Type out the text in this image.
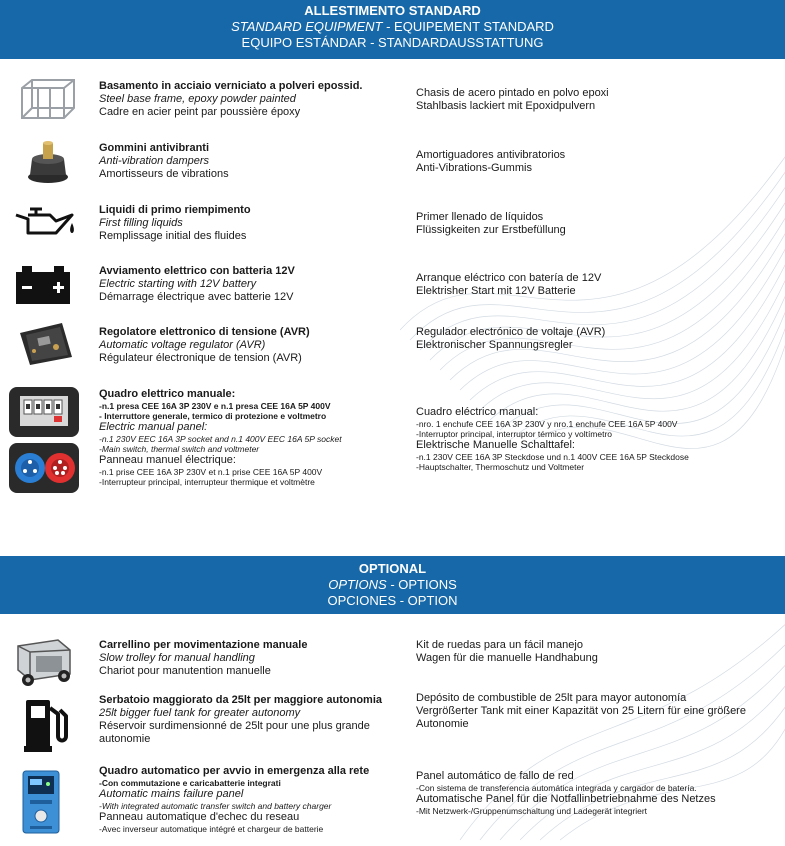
ALLESTIMENTO STANDARD
STANDARD EQUIPMENT - EQUIPEMENT STANDARD
EQUIPO ESTÁNDAR - STANDARDAUSSTATTUNG
Basamento in acciaio verniciato a polveri epossid.
Steel base frame, epoxy powder painted
Cadre en acier peint par poussière époxy
Chasis de acero pintado en polvo epoxi
Stahlbasis lackiert mit Epoxidpulvern
Gommini antivibranti
Anti-vibration dampers
Amortisseurs de vibrations
Amortiguadores antivibratorios
Anti-Vibrations-Gummis
Liquidi di primo riempimento
First filling liquids
Remplissage initial des fluides
Primer llenado de líquidos
Flüssigkeiten zur Erstbefüllung
Avviamento elettrico con batteria 12V
Electric starting with 12V battery
Démarrage électrique avec batterie 12V
Arranque eléctrico con batería de 12V
Elektrisher Start mit 12V Batterie
Regolatore elettronico di tensione (AVR)
Automatic voltage regulator (AVR)
Régulateur électronique de tension (AVR)
Regulador electrónico de voltaje (AVR)
Elektronischer Spannungsregler
Quadro elettrico manuale:
-n.1 presa CEE 16A 3P 230V e n.1 presa CEE 16A 5P 400V
- Interruttore generale, termico di protezione e voltmetro
Electric manual panel:
-n.1 230V EEC 16A 3P socket and n.1 400V EEC 16A 5P socket
-Main switch, thermal switch and voltmeter
Panneau manuel électrique:
-n.1 prise CEE 16A 3P 230V et n.1 prise CEE 16A 5P 400V
-Interrupteur principal, interrupteur thermique et voltmètre
Cuadro eléctrico manual:
-nro. 1 enchufe CEE 16A 3P 230V y nro.1 enchufe CEE 16A 5P 400V
-Interruptor principal, interruptor térmico y voltímetro
Elektrische Manuelle Schalttafel:
-n.1 230V CEE 16A 3P Steckdose und n.1 400V CEE 16A 5P Steckdose
-Hauptschalter, Thermoschutz und Voltmeter
OPTIONAL
OPTIONS - OPTIONS
OPCIONES - OPTION
Carrellino per movimentazione manuale
Slow trolley for manual handling
Chariot pour manutention manuelle
Kit de ruedas para un fácil manejo
Wagen für die manuelle Handhabung
Serbatoio maggiorato da 25lt per maggiore autonomia
25lt bigger fuel tank for greater autonomy
Réservoir surdimensionné de 25lt pour une plus grande
autonomie
Depósito de combustible de 25lt para mayor autonomía
Vergrößerter Tank mit einer Kapazität von 25 Litern für eine größere
Autonomie
Quadro automatico per avvio in emergenza alla rete
-Con commutazione e caricabatterie integrati
Automatic mains failure panel
-With integrated automatic transfer switch and battery charger
Panneau automatique d'echec du reseau
-Avec inverseur automatique intégré et chargeur de batterie
Panel automático de fallo de red
-Con sistema de transferencia automática integrada y cargador de batería.
Automatische Panel für die Notfallinbetriebnahme des Netzes
-Mit Netzwerk-/Gruppenumschaltung und Ladegerät integriert
